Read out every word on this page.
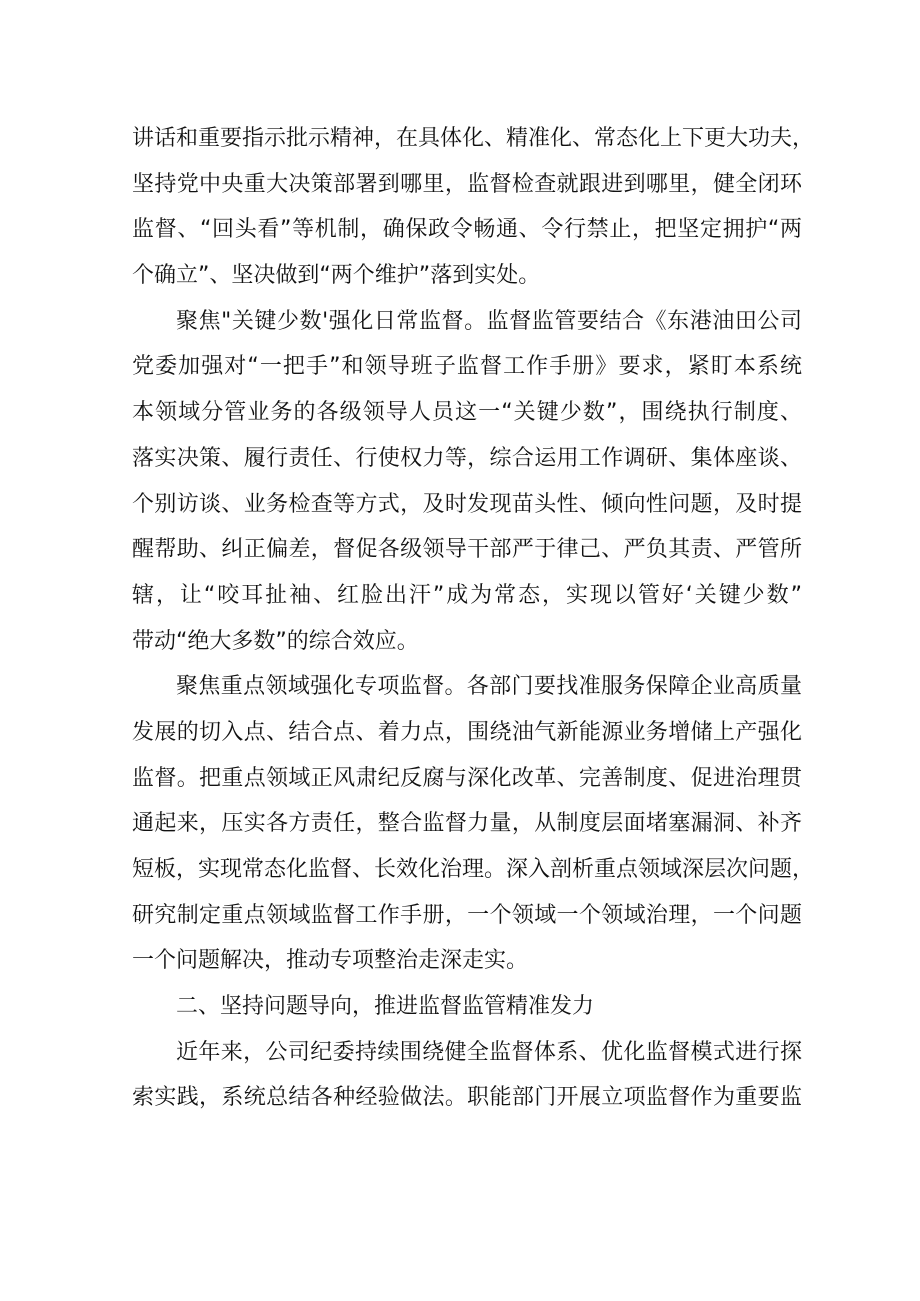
讲话和重要指示批示精神，在具体化、精准化、常态化上下更大功夫，
坚持党中央重大决策部署到哪里，监督检查就跟进到哪里，健全闭环
监督、“回头看”等机制，确保政令畅通、令行禁止，把坚定拥护“两
个确立”、坚决做到“两个维护”落到实处。
聚焦"关键少数'强化日常监督。监督监管要结合《东港油田公司
党委加强对“一把手”和领导班子监督工作手册》要求，紧盯本系统
本领域分管业务的各级领导人员这一“关键少数”，围绕执行制度、
落实决策、履行责任、行使权力等，综合运用工作调研、集体座谈、
个别访谈、业务检查等方式，及时发现苗头性、倾向性问题，及时提
醒帮助、纠正偏差，督促各级领导干部严于律己、严负其责、严管所
辖，让“咬耳扯袖、红脸出汗”成为常态，实现以管好‘关键少数”
带动“绝大多数”的综合效应。
聚焦重点领域强化专项监督。各部门要找准服务保障企业高质量
发展的切入点、结合点、着力点，围绕油气新能源业务增储上产强化
监督。把重点领域正风肃纪反腐与深化改革、完善制度、促进治理贯
通起来，压实各方责任，整合监督力量，从制度层面堵塞漏洞、补齐
短板，实现常态化监督、长效化治理。深入剖析重点领域深层次问题，
研究制定重点领域监督工作手册，一个领域一个领域治理，一个问题
一个问题解决，推动专项整治走深走实。
二、坚持问题导向，推进监督监管精准发力
近年来，公司纪委持续围绕健全监督体系、优化监督模式进行探
索实践，系统总结各种经验做法。职能部门开展立项监督作为重要监
